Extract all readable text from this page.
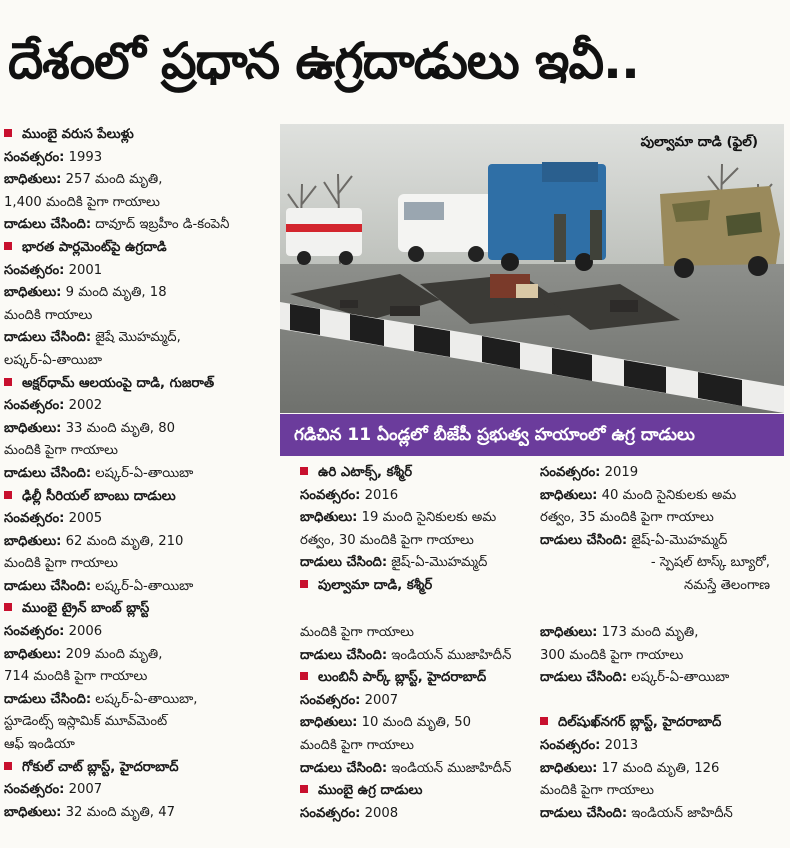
దేశంలో ప్రధాన ఉగ్రదాడులు ఇవీ..
ముంబై వరుస పేలుళ్లు
సంవత్సరం: 1993
బాధితులు: 257 మంది మృతి,
1,400 మందికి పైగా గాయాలు
దాడులు చేసింది: దావూద్ ఇబ్రహీం డి-కంపెనీ
భారత పార్లమెంట్‌పై ఉగ్రదాడి
సంవత్సరం: 2001
బాధితులు: 9 మంది మృతి, 18
మందికి గాయాలు
దాడులు చేసింది: జైషే మొహమ్మద్,
లష్కర్-ఏ-తాయిబా
అక్షర్‌ధామ్ ఆలయంపై దాడి, గుజరాత్
సంవత్సరం: 2002
బాధితులు: 33 మంది మృతి, 80
మందికి పైగా గాయాలు
దాడులు చేసింది: లష్కర్-ఏ-తాయిబా
ఢిల్లీ సీరియల్ బాంబు దాడులు
సంవత్సరం: 2005
బాధితులు: 62 మంది మృతి, 210
మందికి పైగా గాయాలు
దాడులు చేసింది: లష్కర్-ఏ-తాయిబా
ముంబై ట్రైన్ బాంబ్ బ్లాస్ట్
సంవత్సరం: 2006
బాధితులు: 209 మంది మృతి,
714 మందికి పైగా గాయాలు
దాడులు చేసింది: లష్కర్-ఏ-తాయిబా,
స్టూడెంట్స్ ఇస్లామిక్ మూవ్‌మెంట్
ఆఫ్ ఇండియా
గోకుల్ చాట్ బ్లాస్ట్, హైదరాబాద్
సంవత్సరం: 2007
బాధితులు: 32 మంది మృతి, 47
పుల్వామా దాడి (ఫైల్)
గడిచిన 11 ఏండ్లలో బీజేపీ ప్రభుత్వ హయాంలో ఉగ్ర దాడులు
ఉరి ఎటాక్స్, కశ్మీర్
సంవత్సరం: 2016
బాధితులు: 19 మంది సైనికులకు అమ
రత్వం, 30 మందికి పైగా గాయాలు
దాడులు చేసింది: జైష్-ఏ-మొహమ్మద్
పుల్వామా దాడి, కశ్మీర్
సంవత్సరం: 2019
బాధితులు: 40 మంది సైనికులకు అమ
రత్వం, 35 మందికి పైగా గాయాలు
దాడులు చేసింది: జైష్-ఏ-మొహమ్మద్
- స్పెషల్ టాస్క్ బ్యూరో,
నమస్తే తెలంగాణ
మందికి పైగా గాయాలు
దాడులు చేసింది: ఇండియన్ ముజాహిదీన్
లుంబినీ పార్క్ బ్లాస్ట్, హైదరాబాద్
సంవత్సరం: 2007
బాధితులు: 10 మంది మృతి, 50
మందికి పైగా గాయాలు
దాడులు చేసింది: ఇండియన్ ముజాహిదీన్
ముంబై ఉగ్ర దాడులు
సంవత్సరం: 2008
బాధితులు: 173 మంది మృతి,
300 మందికి పైగా గాయాలు
దాడులు చేసింది: లష్కర్-ఏ-తాయిబా
దిల్‌షుఖ్‌నగర్ బ్లాస్ట్, హైదరాబాద్
సంవత్సరం: 2013
బాధితులు: 17 మంది మృతి, 126
మందికి పైగా గాయాలు
దాడులు చేసింది: ఇండియన్ జాహిదీన్
